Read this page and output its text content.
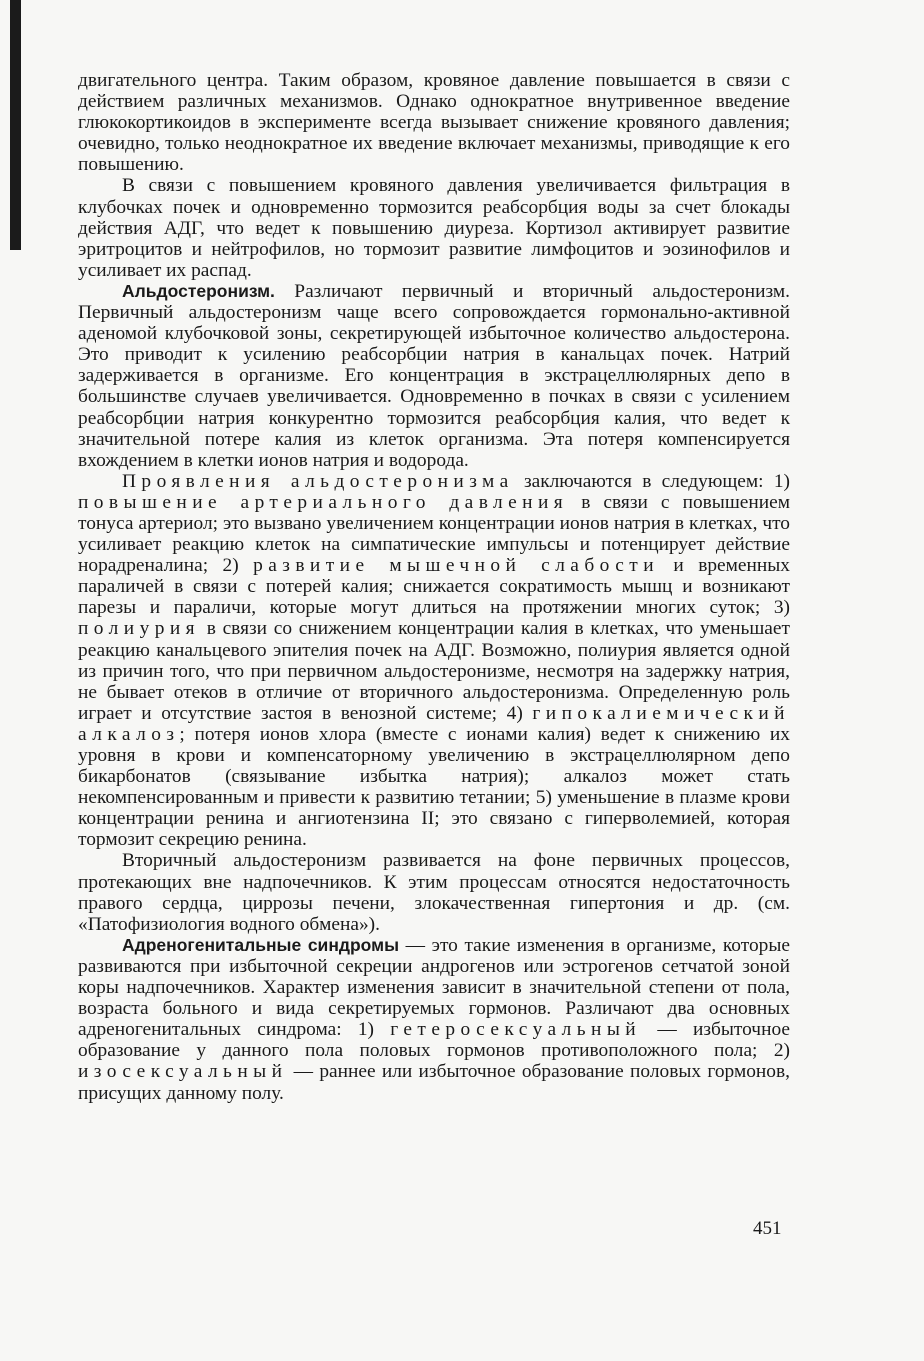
двигательного центра. Таким образом, кровяное давление повышается в связи с действием различных механизмов. Однако однократное внутривенное введение глюкокортикоидов в эксперименте всегда вызывает снижение кровяного давления; очевидно, только неоднократное их введение включает механизмы, приводящие к его повышению.

В связи с повышением кровяного давления увеличивается фильтрация в клубочках почек и одновременно тормозится реабсорбция воды за счет блокады действия АДГ, что ведет к повышению диуреза. Кортизол активирует развитие эритроцитов и нейтрофилов, но тормозит развитие лимфоцитов и эозинофилов и усиливает их распад.

Альдостеронизм. Различают первичный и вторичный альдостеронизм. Первичный альдостеронизм чаще всего сопровождается гормонально-активной аденомой клубочковой зоны, секретирующей избыточное количество альдостерона. Это приводит к усилению реабсорбции натрия в канальцах почек. Натрий задерживается в организме. Его концентрация в экстрацеллюлярных депо в большинстве случаев увеличивается. Одновременно в почках в связи с усилением реабсорбции натрия конкурентно тормозится реабсорбция калия, что ведет к значительной потере калия из клеток организма. Эта потеря компенсируется вхождением в клетки ионов натрия и водорода.

Проявления альдостеронизма заключаются в следующем: 1) повышение артериального давления в связи с повышением тонуса артериол; это вызвано увеличением концентрации ионов натрия в клетках, что усиливает реакцию клеток на симпатические импульсы и потенцирует действие норадреналина; 2) развитие мышечной слабости и временных параличей в связи с потерей калия; снижается сократимость мышц и возникают парезы и параличи, которые могут длиться на протяжении многих суток; 3) полиурия в связи со снижением концентрации калия в клетках, что уменьшает реакцию канальцевого эпителия почек на АДГ. Возможно, полиурия является одной из причин того, что при первичном альдостеронизме, несмотря на задержку натрия, не бывает отеков в отличие от вторичного альдостеронизма. Определенную роль играет и отсутствие застоя в венозной системе; 4) гипокалиемический алкалоз; потеря ионов хлора (вместе с ионами калия) ведет к снижению их уровня в крови и компенсаторному увеличению в экстрацеллюлярном депо бикарбонатов (связывание избытка натрия); алкалоз может стать некомпенсированным и привести к развитию тетании; 5) уменьшение в плазме крови концентрации ренина и ангиотензина II; это связано с гиперволемией, которая тормозит секрецию ренина.

Вторичный альдостеронизм развивается на фоне первичных процессов, протекающих вне надпочечников. К этим процессам относятся недостаточность правого сердца, циррозы печени, злокачественная гипертония и др. (см. «Патофизиология водного обмена»).

Адреногенитальные синдромы — это такие изменения в организме, которые развиваются при избыточной секреции андрогенов или эстрогенов сетчатой зоной коры надпочечников. Характер изменения зависит в значительной степени от пола, возраста больного и вида секретируемых гормонов. Различают два основных адреногенитальных синдрома: 1) гетеросексуальный — избыточное образование у данного пола половых гормонов противоположного пола; 2) изосексуальный — раннее или избыточное образование половых гормонов, присущих данному полу.

451
